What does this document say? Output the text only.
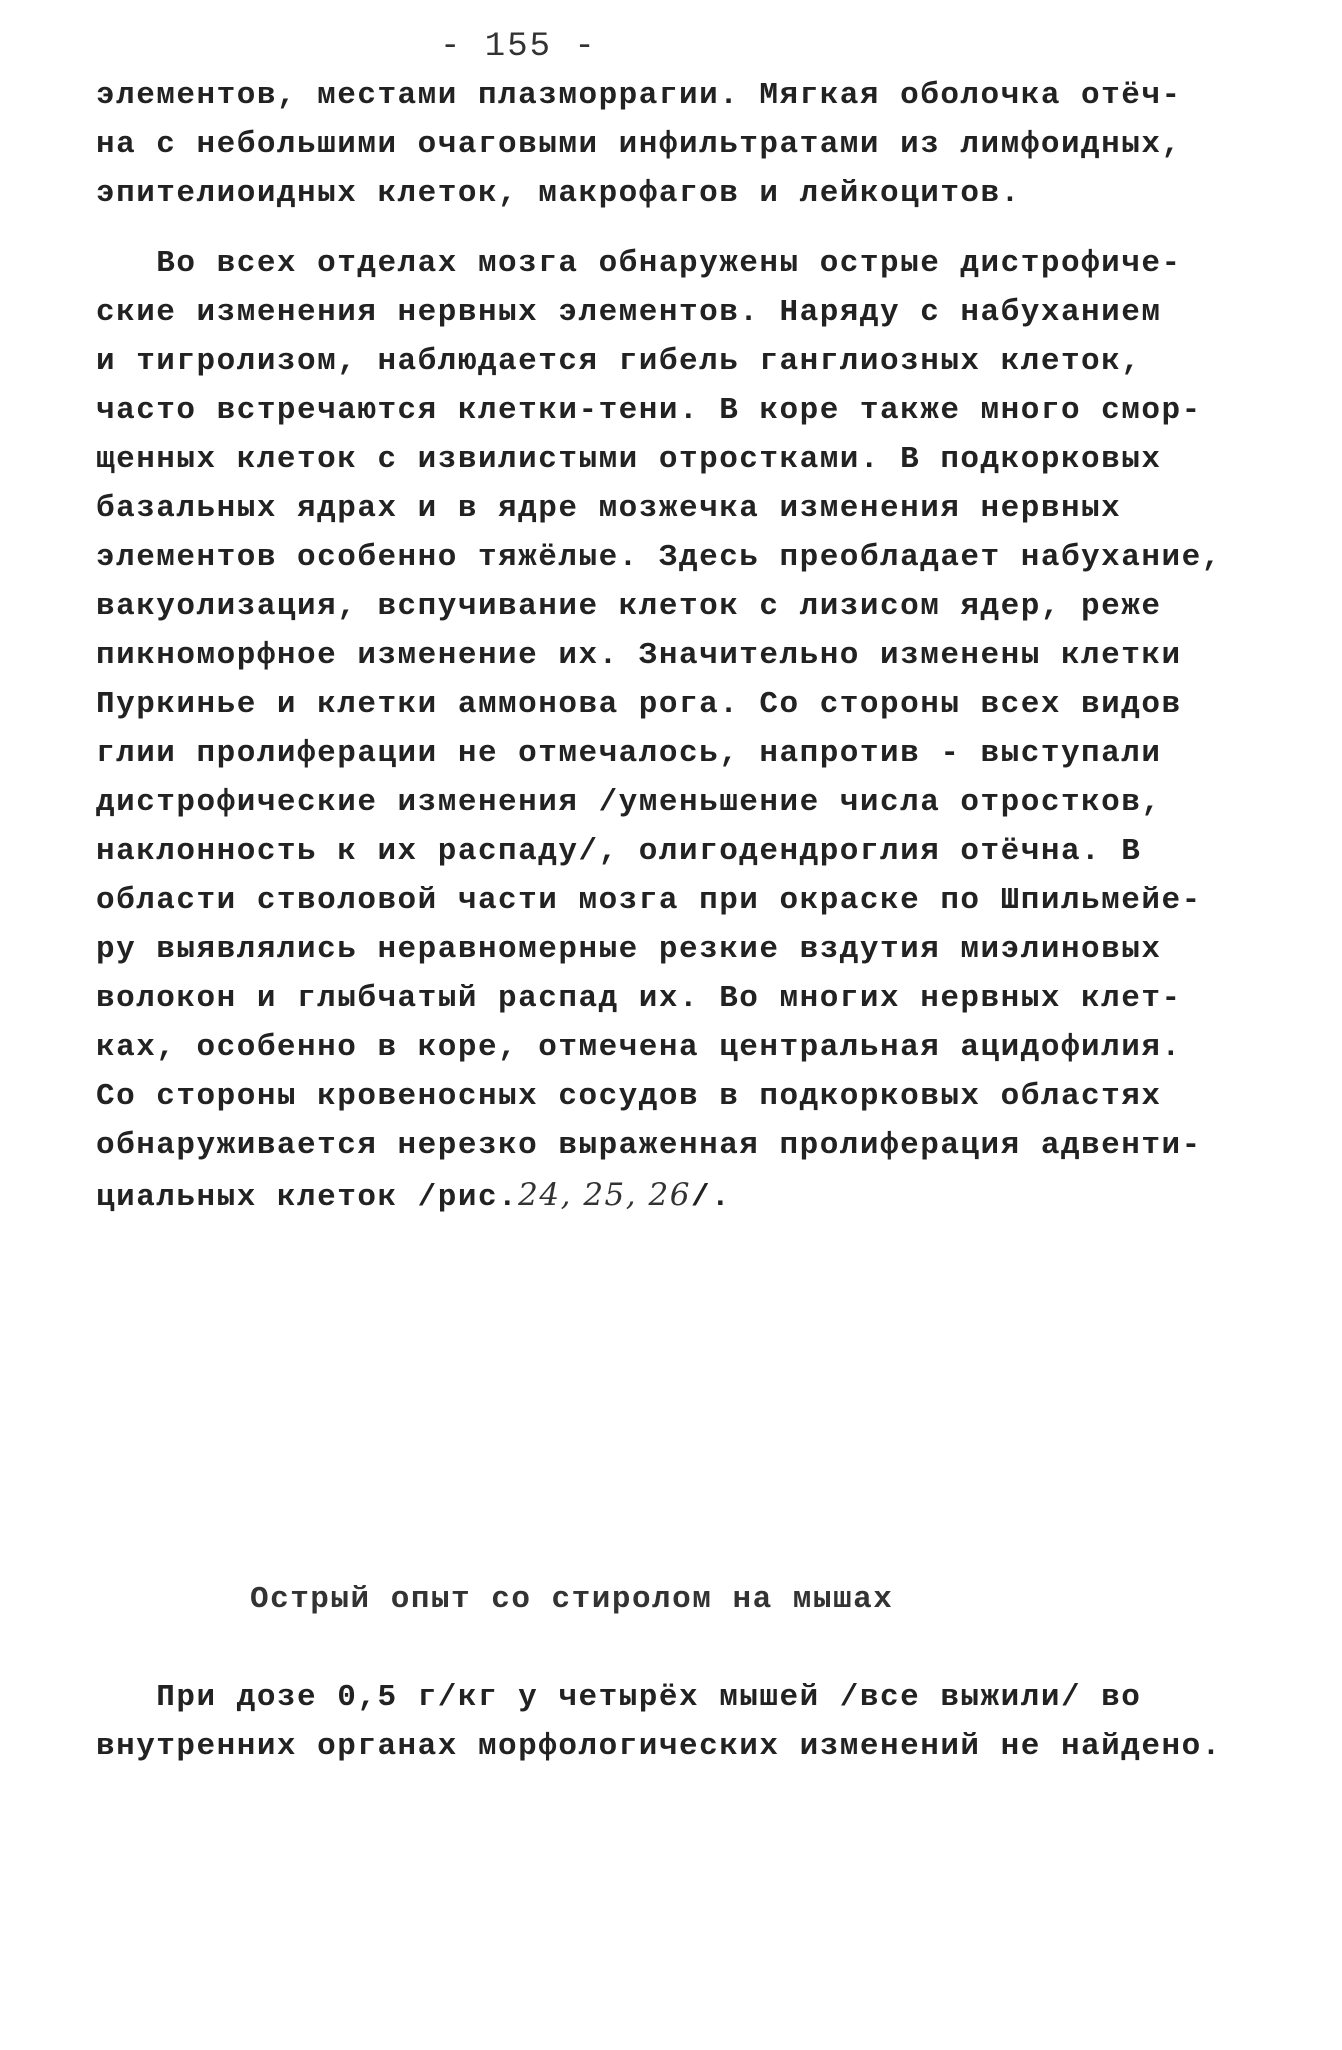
- 155 -
элементов, местами плазморрагии. Мягкая оболочка отёч-
на с небольшими очаговыми инфильтратами из лимфоидных,
эпителиоидных клеток, макрофагов и лейкоцитов.
Во всех отделах мозга обнаружены острые дистрофиче-
ские изменения нервных элементов. Наряду с набуханием
и тигролизом, наблюдается гибель ганглиозных клеток,
часто встречаются клетки-тени. В коре также много смор-
щенных клеток с извилистыми отростками. В подкорковых
базальных ядрах и в ядре мозжечка изменения нервных
элементов особенно тяжёлые. Здесь преобладает набухание,
вакуолизация, вспучивание клеток с лизисом ядер, реже
пикноморфное изменение их. Значительно изменены клетки
Пуркинье и клетки аммонова рога. Со стороны всех видов
глии пролиферации не отмечалось, напротив - выступали
дистрофические изменения /уменьшение числа отростков,
наклонность к их распаду/, олигодендроглия отёчна. В
области стволовой части мозга при окраске по Шпильмейе-
ру выявлялись неравномерные резкие вздутия миэлиновых
волокон и глыбчатый распад их. Во многих нервных клет-
ках, особенно в коре, отмечена центральная ацидофилия.
Со стороны кровеносных сосудов в подкорковых областях
обнаруживается нерезко выраженная пролиферация адвенти-
циальных клеток /рис.24, 25, 26/.
Острый опыт со стиролом на мышах
При дозе 0,5 г/кг у четырёх мышей /все выжили/ во
внутренних органах морфологических изменений не найдено.
